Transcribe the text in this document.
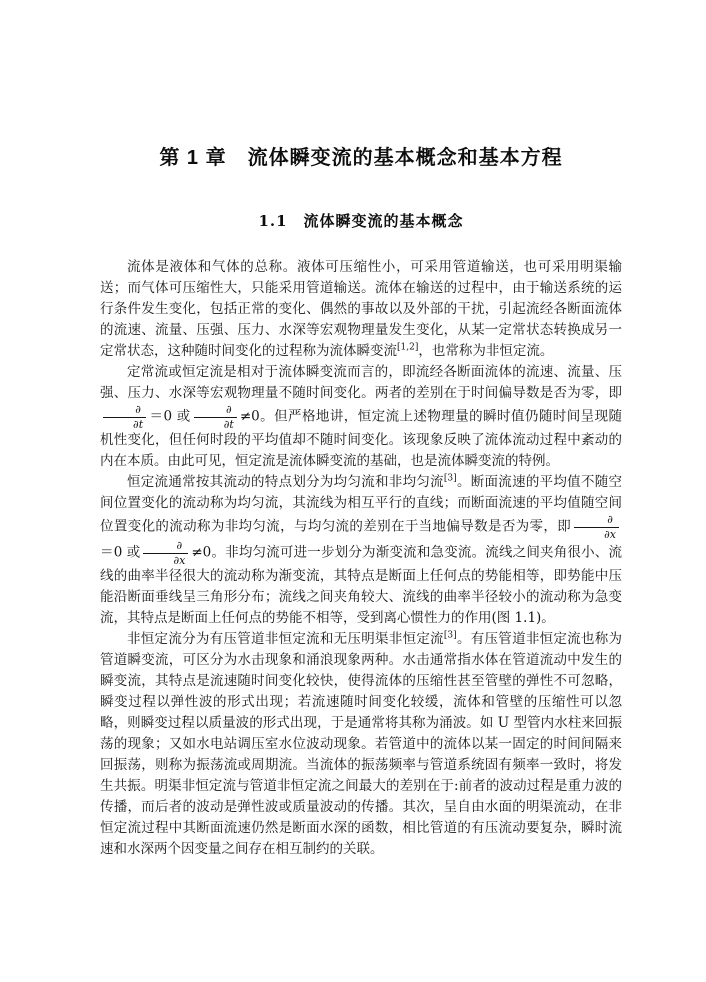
第 1 章　流体瞬变流的基本概念和基本方程
1.1　流体瞬变流的基本概念

流体是液体和气体的总称。液体可压缩性小，可采用管道输送，也可采用明渠输送；而气体可压缩性大，只能采用管道输送。流体在输送的过程中，由于输送系统的运行条件发生变化，包括正常的变化、偶然的事故以及外部的干扰，引起流经各断面流体的流速、流量、压强、压力、水深等宏观物理量发生变化，从某一定常状态转换成另一定常状态，这种随时间变化的过程称为流体瞬变流[1,2]，也常称为非恒定流。

定常流或恒定流是相对于流体瞬变流而言的，即流经各断面流体的流速、流量、压强、压力、水深等宏观物理量不随时间变化。两者的差别在于时间偏导数是否为零，即
$\frac{\partial}{\partial t} =0$ 或 $\frac{\partial}{\partial t} \ne 0$。但严格地讲，恒定流上述物理量的瞬时值仍随时间呈现随机性变化，但任何时段的平均值却不随时间变化。该现象反映了流体流动过程中紊动的内在本质。由此可见，恒定流是流体瞬变流的基础，也是流体瞬变流的特例。

恒定流通常按其流动的特点划分为均匀流和非均匀流[3]。断面流速的平均值不随空间位置变化的流动称为均匀流，其流线为相互平行的直线；而断面流速的平均值随空间位置变化的流动称为非均匀流，与均匀流的差别在于当地偏导数是否为零，即 $\frac{\partial}{\partial x}$
＝0 或 $\frac{\partial}{\partial x} \ne 0$。非均匀流可进一步划分为渐变流和急变流。流线之间夹角很小、流线的曲率半径很大的流动称为渐变流，其特点是断面上任何点的势能相等，即势能中压能沿断面垂线呈三角形分布；流线之间夹角较大、流线的曲率半径较小的流动称为急变流，其特点是断面上任何点的势能不相等，受到离心惯性力的作用(图 1.1)。

非恒定流分为有压管道非恒定流和无压明渠非恒定流[3]。有压管道非恒定流也称为管道瞬变流，可区分为水击现象和涌浪现象两种。水击通常指水体在管道流动中发生的瞬变流，其特点是流速随时间变化较快，使得流体的压缩性甚至管壁的弹性不可忽略，瞬变过程以弹性波的形式出现；若流速随时间变化较缓，流体和管壁的压缩性可以忽略，则瞬变过程以质量波的形式出现，于是通常将其称为涌波。如 U 型管内水柱来回振荡的现象；又如水电站调压室水位波动现象。若管道中的流体以某一固定的时间间隔来回振荡，则称为振荡流或周期流。当流体的振荡频率与管道系统固有频率一致时，将发生共振。明渠非恒定流与管道非恒定流之间最大的差别在于:前者的波动过程是重力波的传播，而后者的波动是弹性波或质量波动的传播。其次，呈自由水面的明渠流动，在非恒定流过程中其断面流速仍然是断面水深的函数，相比管道的有压流动要复杂，瞬时流速和水深两个因变量之间存在相互制约的关联。
